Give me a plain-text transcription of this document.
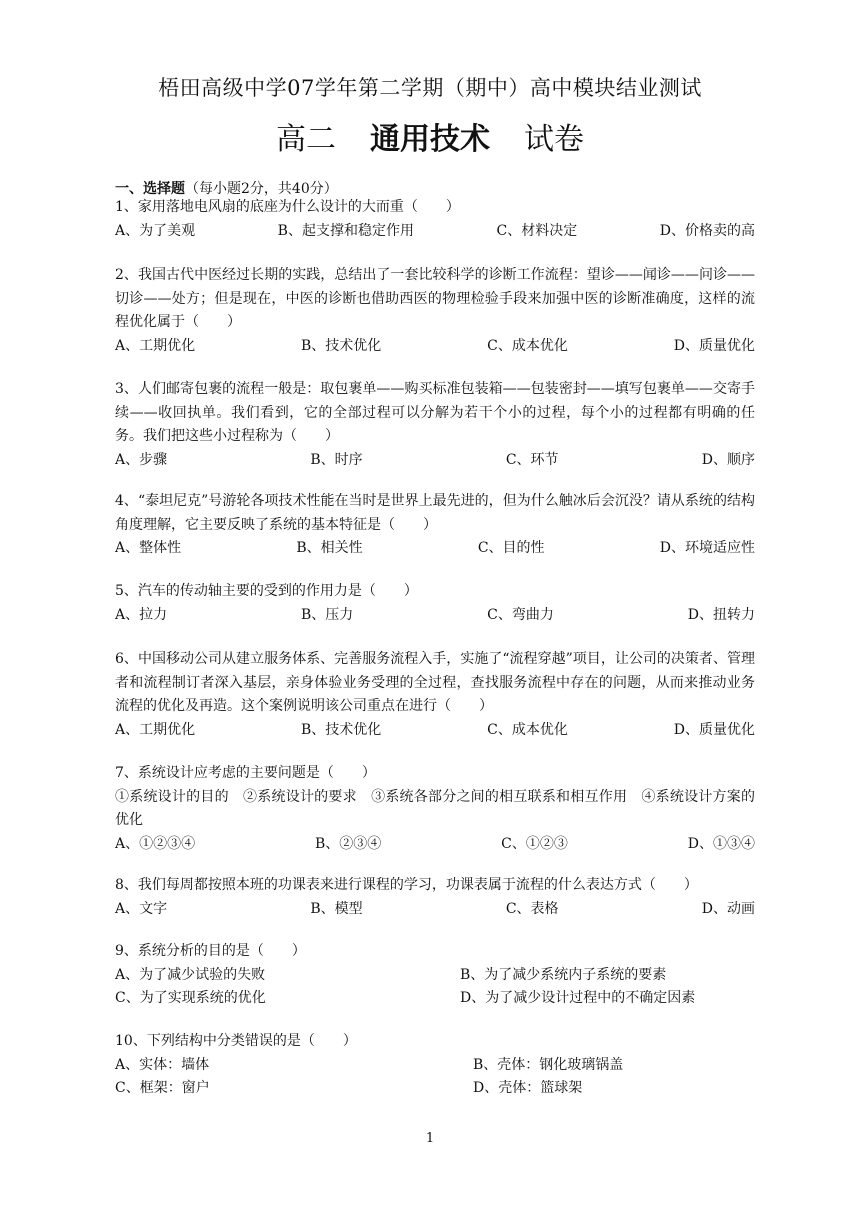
梧田高级中学07学年第二学期（期中）高中模块结业测试
高二 通用技术 试卷
一、选择题（每小题2分，共40分）

1、家用落地电风扇的底座为什么设计的大而重（　　）

A、为了美观	B、起支撑和稳定作用	C、材料决定	D、价格卖的高

2、我国古代中医经过长期的实践，总结出了一套比较科学的诊断工作流程：望诊——闻诊——问诊——切诊——处方；但是现在，中医的诊断也借助西医的物理检验手段来加强中医的诊断准确度，这样的流程优化属于（　　）

A、工期优化	B、技术优化	C、成本优化	D、质量优化

3、人们邮寄包裹的流程一般是：取包裹单——购买标准包装箱——包装密封——填写包裹单——交寄手续——收回执单。我们看到，它的全部过程可以分解为若干个小的过程，每个小的过程都有明确的任务。我们把这些小过程称为（　　）

A、步骤	B、时序	C、环节	D、顺序

4、“泰坦尼克”号游轮各项技术性能在当时是世界上最先进的，但为什么触冰后会沉没？请从系统的结构角度理解，它主要反映了系统的基本特征是（　　）

A、整体性	B、相关性	C、目的性	D、环境适应性

5、汽车的传动轴主要的受到的作用力是（　　）

A、拉力	B、压力	C、弯曲力	D、扭转力

6、中国移动公司从建立服务体系、完善服务流程入手，实施了“流程穿越”项目，让公司的决策者、管理者和流程制订者深入基层，亲身体验业务受理的全过程，查找服务流程中存在的问题，从而来推动业务流程的优化及再造。这个案例说明该公司重点在进行（　　）

A、工期优化	B、技术优化	C、成本优化	D、质量优化

7、系统设计应考虑的主要问题是（　　）

①系统设计的目的　②系统设计的要求　③系统各部分之间的相互联系和相互作用　④系统设计方案的优化

A、①②③④	B、②③④	C、①②③	D、①③④

8、我们每周都按照本班的功课表来进行课程的学习，功课表属于流程的什么表达方式（　　）

A、文字	B、模型	C、表格	D、动画

9、系统分析的目的是（　　）

A、为了减少试验的失败	B、为了减少系统内子系统的要素
C、为了实现系统的优化	D、为了减少设计过程中的不确定因素

10、下列结构中分类错误的是（　　）

A、实体：墙体	B、壳体：钢化玻璃锅盖
C、框架：窗户	D、壳体：篮球架
1
